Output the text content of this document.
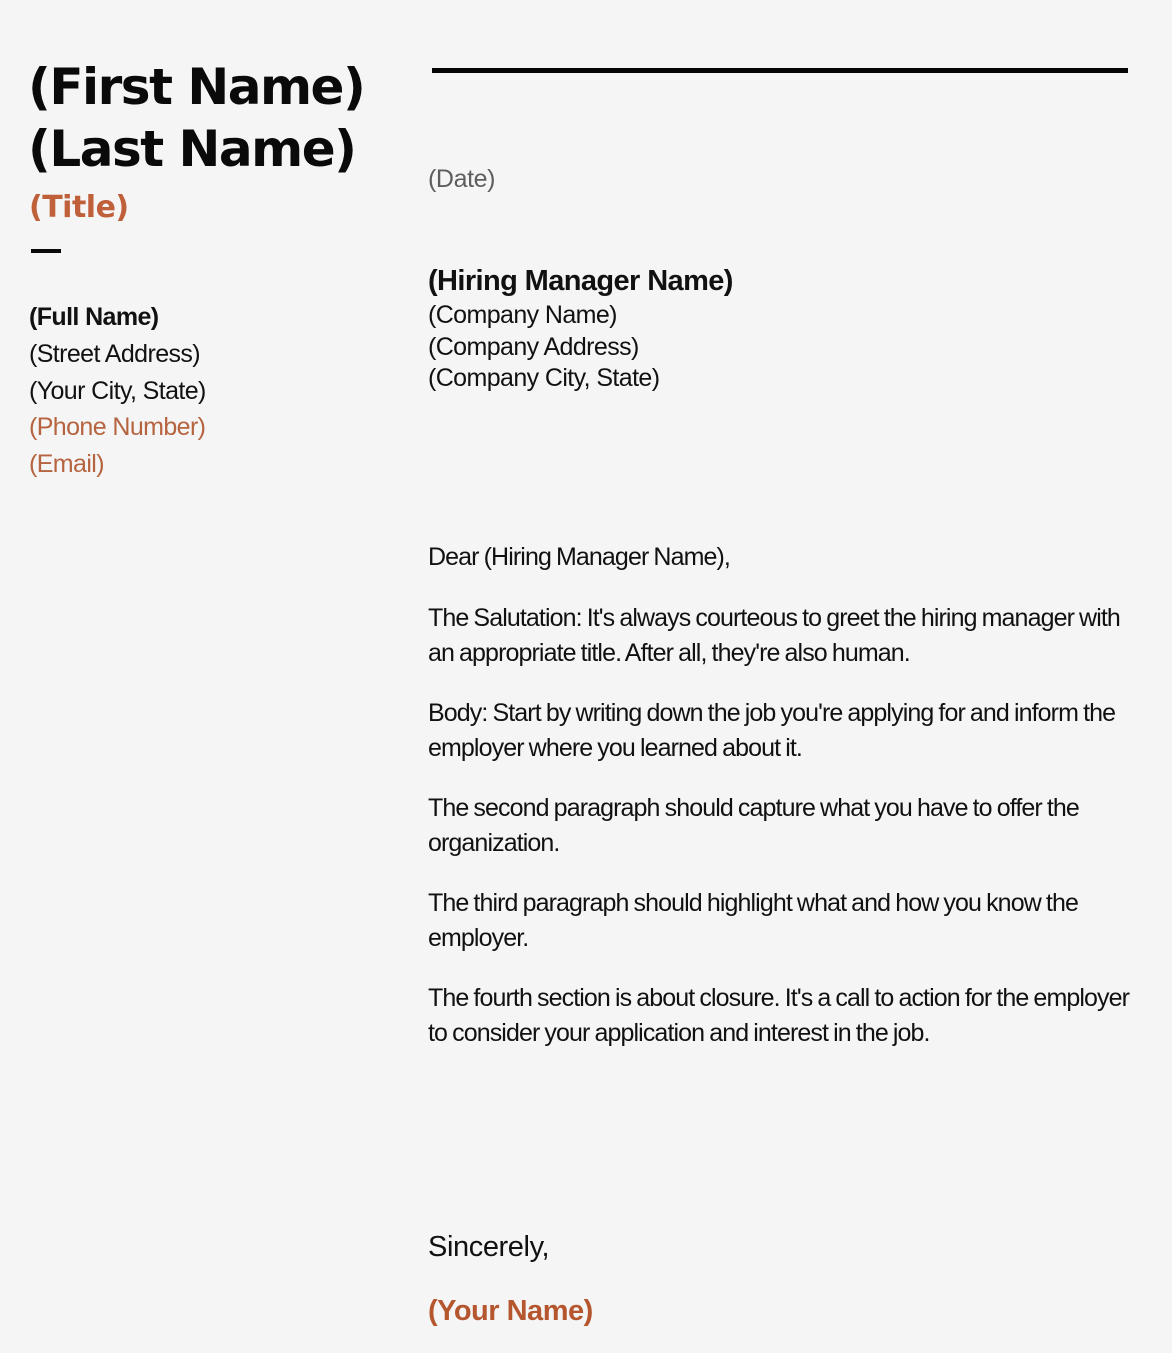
(First Name)
(Last Name)
(Title)
(Full Name)
(Street Address)
(Your City, State)
(Phone Number)
(Email)
(Date)
(Hiring Manager Name)
(Company Name)
(Company Address)
(Company City, State)

Dear (Hiring Manager Name),

The Salutation: It's always courteous to greet the hiring manager with an appropriate title. After all, they're also human.

Body: Start by writing down the job you're applying for and inform the employer where you learned about it.

The second paragraph should capture what you have to offer the organization.

The third paragraph should highlight what and how you know the employer.

The fourth section is about closure. It's a call to action for the employer to consider your application and interest in the job.

Sincerely,
(Your Name)
